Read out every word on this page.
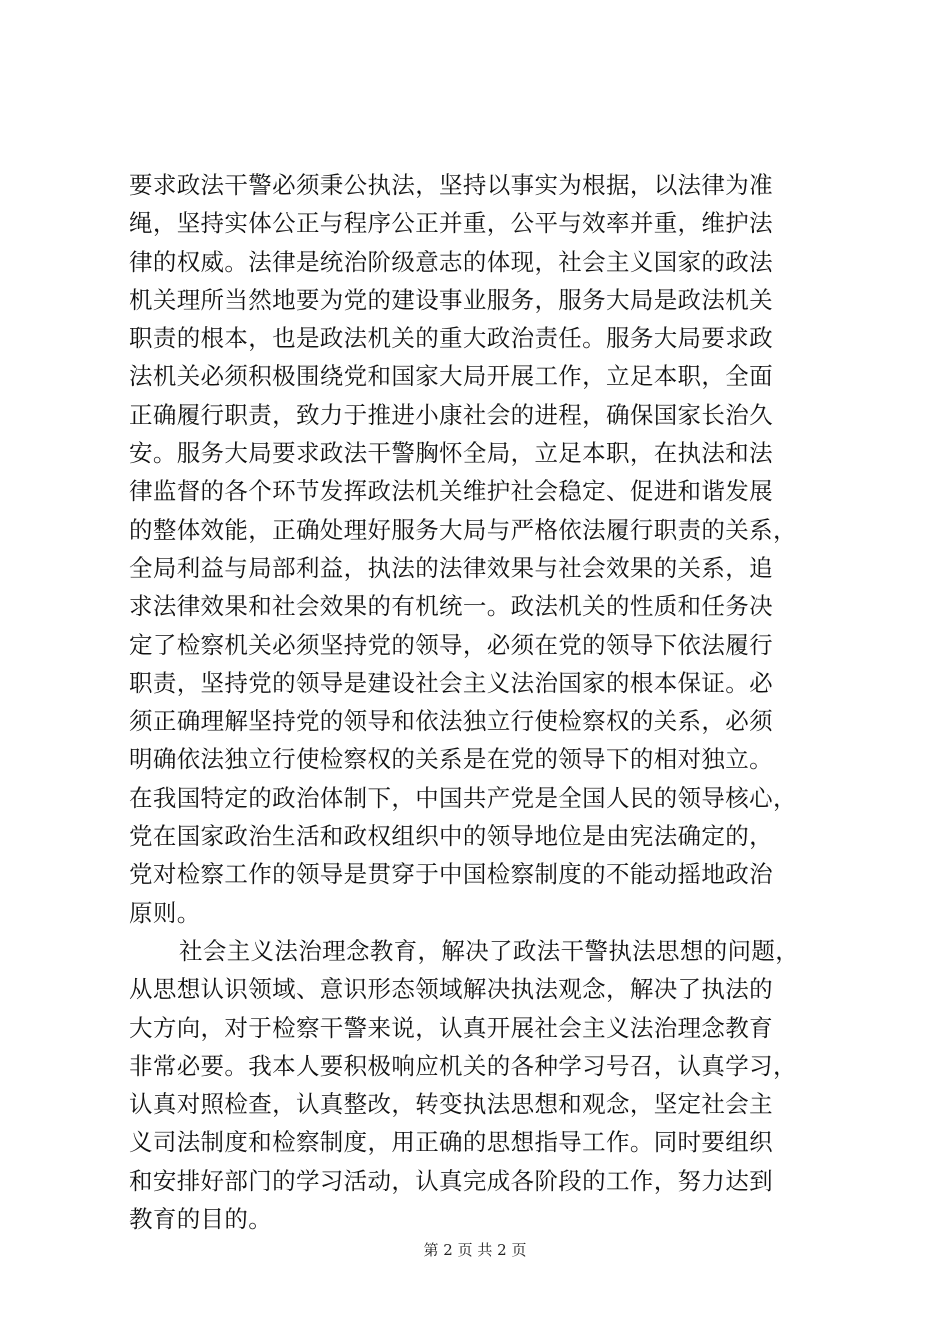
要求政法干警必须秉公执法，坚持以事实为根据，以法律为准
绳，坚持实体公正与程序公正并重，公平与效率并重，维护法
律的权威。法律是统治阶级意志的体现，社会主义国家的政法
机关理所当然地要为党的建设事业服务，服务大局是政法机关
职责的根本，也是政法机关的重大政治责任。服务大局要求政
法机关必须积极围绕党和国家大局开展工作，立足本职，全面
正确履行职责，致力于推进小康社会的进程，确保国家长治久
安。服务大局要求政法干警胸怀全局，立足本职，在执法和法
律监督的各个环节发挥政法机关维护社会稳定、促进和谐发展
的整体效能，正确处理好服务大局与严格依法履行职责的关系，
全局利益与局部利益，执法的法律效果与社会效果的关系，追
求法律效果和社会效果的有机统一。政法机关的性质和任务决
定了检察机关必须坚持党的领导，必须在党的领导下依法履行
职责，坚持党的领导是建设社会主义法治国家的根本保证。必
须正确理解坚持党的领导和依法独立行使检察权的关系，必须
明确依法独立行使检察权的关系是在党的领导下的相对独立。
在我国特定的政治体制下，中国共产党是全国人民的领导核心，
党在国家政治生活和政权组织中的领导地位是由宪法确定的，
党对检察工作的领导是贯穿于中国检察制度的不能动摇地政治
原则。
社会主义法治理念教育，解决了政法干警执法思想的问题，
从思想认识领域、意识形态领域解决执法观念，解决了执法的
大方向，对于检察干警来说，认真开展社会主义法治理念教育
非常必要。我本人要积极响应机关的各种学习号召，认真学习，
认真对照检查，认真整改，转变执法思想和观念，坚定社会主
义司法制度和检察制度，用正确的思想指导工作。同时要组织
和安排好部门的学习活动，认真完成各阶段的工作，努力达到
教育的目的。
第 2 页 共 2 页
